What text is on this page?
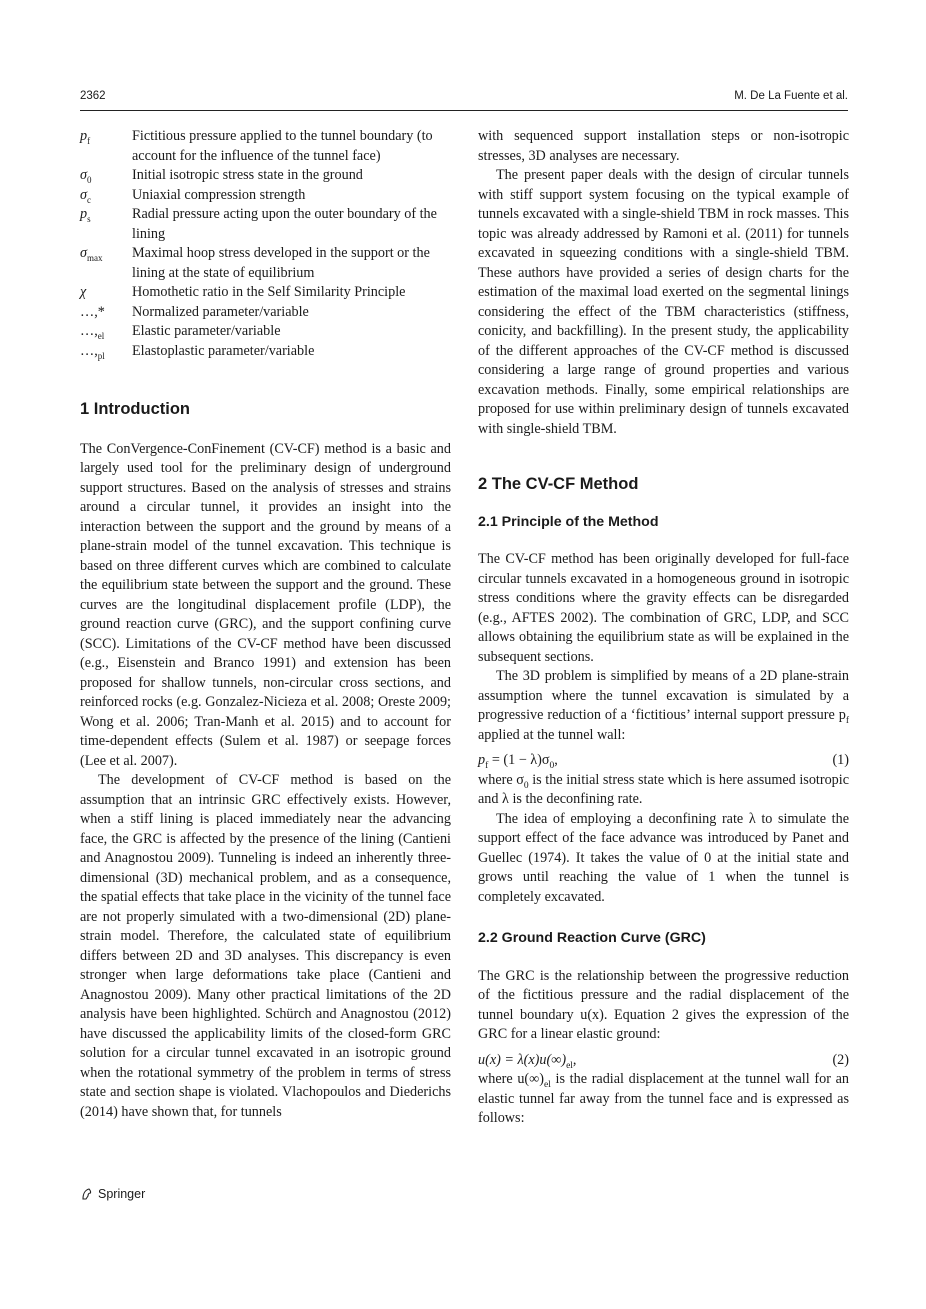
2362	M. De La Fuente et al.
$p_f$	Fictitious pressure applied to the tunnel boundary (to account for the influence of the tunnel face)
$\sigma_0$	Initial isotropic stress state in the ground
$\sigma_c$	Uniaxial compression strength
$p_s$	Radial pressure acting upon the outer boundary of the lining
$\sigma_{max}$	Maximal hoop stress developed in the support or the lining at the state of equilibrium
χ	Homothetic ratio in the Self Similarity Principle
…,*	Normalized parameter/variable
$\dots,_{el}$	Elastic parameter/variable
$\dots,_{pl}$	Elastoplastic parameter/variable
1 Introduction

The ConVergence-ConFinement (CV-CF) method is a basic and largely used tool for the preliminary design of underground support structures. Based on the analysis of stresses and strains around a circular tunnel, it provides an insight into the interaction between the support and the ground by means of a plane-strain model of the tunnel excavation. This technique is based on three different curves which are combined to calculate the equilibrium state between the support and the ground. These curves are the longitudinal displacement profile (LDP), the ground reaction curve (GRC), and the support confining curve (SCC). Limitations of the CV-CF method have been discussed (e.g., Eisenstein and Branco 1991) and extension has been proposed for shallow tunnels, non-circular cross sections, and reinforced rocks (e.g. Gonzalez-Nicieza et al. 2008; Oreste 2009; Wong et al. 2006; Tran-Manh et al. 2015) and to account for time-dependent effects (Sulem et al. 1987) or seepage forces (Lee et al. 2007).

The development of CV-CF method is based on the assumption that an intrinsic GRC effectively exists. However, when a stiff lining is placed immediately near the advancing face, the GRC is affected by the presence of the lining (Cantieni and Anagnostou 2009). Tunneling is indeed an inherently three-dimensional (3D) mechanical problem, and as a consequence, the spatial effects that take place in the vicinity of the tunnel face are not properly simulated with a two-dimensional (2D) plane-strain model. Therefore, the calculated state of equilibrium differs between 2D and 3D analyses. This discrepancy is even stronger when large deformations take place (Cantieni and Anagnostou 2009). Many other practical limitations of the 2D analysis have been highlighted. Schürch and Anagnostou (2012) have discussed the applicability limits of the closed-form GRC solution for a circular tunnel excavated in an isotropic ground when the rotational symmetry of the problem in terms of stress state and section shape is violated. Vlachopoulos and Diederichs (2014) have shown that, for tunnels

with sequenced support installation steps or non-isotropic stresses, 3D analyses are necessary.

The present paper deals with the design of circular tunnels with stiff support system focusing on the typical example of tunnels excavated with a single-shield TBM in rock masses. This topic was already addressed by Ramoni et al. (2011) for tunnels excavated in squeezing conditions with a single-shield TBM. These authors have provided a series of design charts for the estimation of the maximal load exerted on the segmental linings considering the effect of the TBM characteristics (stiffness, conicity, and backfilling). In the present study, the applicability of the different approaches of the CV-CF method is discussed considering a large range of ground properties and various excavation methods. Finally, some empirical relationships are proposed for use within preliminary design of tunnels excavated with single-shield TBM.

2 The CV-CF Method
2.1 Principle of the Method

The CV-CF method has been originally developed for full-face circular tunnels excavated in a homogeneous ground in isotropic stress conditions where the gravity effects can be disregarded (e.g., AFTES 2002). The combination of GRC, LDP, and SCC allows obtaining the equilibrium state as will be explained in the subsequent sections.

The 3D problem is simplified by means of a 2D plane-strain assumption where the tunnel excavation is simulated by a progressive reduction of a ‘fictitious’ internal support pressure $p_f$ applied at the tunnel wall:

$p_f = (1 - \lambda)\sigma_0$,	(1)

where $\sigma_0$ is the initial stress state which is here assumed isotropic and λ is the deconfining rate.

The idea of employing a deconfining rate λ to simulate the support effect of the face advance was introduced by Panet and Guellec (1974). It takes the value of 0 at the initial state and grows until reaching the value of 1 when the tunnel is completely excavated.

2.2 Ground Reaction Curve (GRC)

The GRC is the relationship between the progressive reduction of the fictitious pressure and the radial displacement of the tunnel boundary u(x). Equation 2 gives the expression of the GRC for a linear elastic ground:

$u(x) = \lambda(x)u(\infty)_{el}$,	(2)

where $u(\infty)_{el}$ is the radial displacement at the tunnel wall for an elastic tunnel far away from the tunnel face and is expressed as follows:

Springer
